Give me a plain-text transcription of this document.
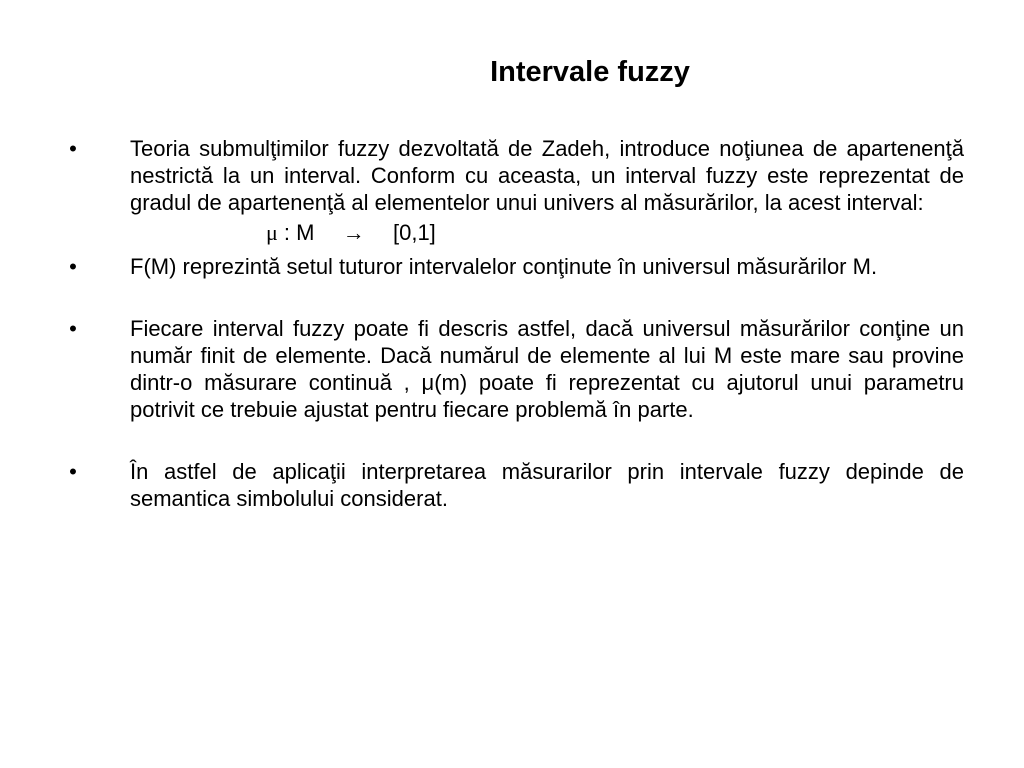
Intervale fuzzy
• Teoria submulţimilor fuzzy dezvoltată de Zadeh, introduce noţiunea de apartenenţă nestrictă la un interval. Conform cu aceasta, un interval fuzzy este reprezentat de gradul de apartenenţă al elementelor unui univers al măsurărilor, la acest interval:
μ : M → [0,1]
• F(M) reprezintă setul tuturor intervalelor conţinute în universul măsurărilor M.
• Fiecare interval fuzzy poate fi descris astfel, dacă universul măsurărilor conţine un număr finit de elemente. Dacă numărul de elemente al lui M este mare sau provine dintr-o măsurare continuă , μ(m) poate fi reprezentat cu ajutorul unui parametru potrivit ce trebuie ajustat pentru fiecare problemă în parte.
• În astfel de aplicaţii interpretarea măsurarilor prin intervale fuzzy depinde de semantica simbolului considerat.
